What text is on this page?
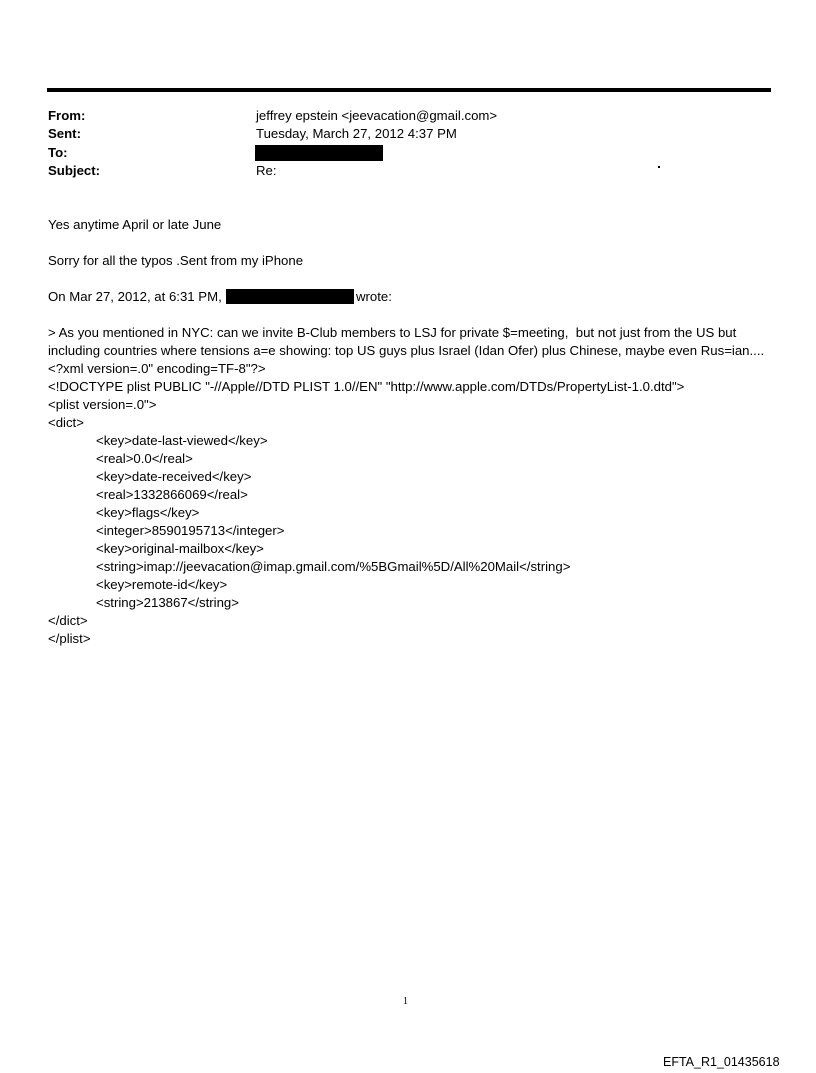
From:	jeffrey epstein <jeevacation@gmail.com>
Sent:	Tuesday, March 27, 2012 4:37 PM
To:
Subject:	Re:
Yes anytime April or late June
Sorry for all the typos .Sent from my iPhone
On Mar 27, 2012, at 6:31 PM,	wrote:
> As you mentioned in NYC: can we invite B-Club members to LSJ for private $=meeting,  but not just from the US but
including countries where tensions a=e showing: top US guys plus Israel (Idan Ofer) plus Chinese, maybe even Rus=ian....
<?xml version=.0" encoding=TF-8"?>
<!DOCTYPE plist PUBLIC "-//Apple//DTD PLIST 1.0//EN" "http://www.apple.com/DTDs/PropertyList-1.0.dtd">
<plist version=.0">
<dict>
<key>date-last-viewed</key>
<real>0.0</real>
<key>date-received</key>
<real>1332866069</real>
<key>flags</key>
<integer>8590195713</integer>
<key>original-mailbox</key>
<string>imap://jeevacation@imap.gmail.com/%5BGmail%5D/All%20Mail</string>
<key>remote-id</key>
<string>213867</string>
</dict>
</plist>
1
EFTA_R1_01435618
